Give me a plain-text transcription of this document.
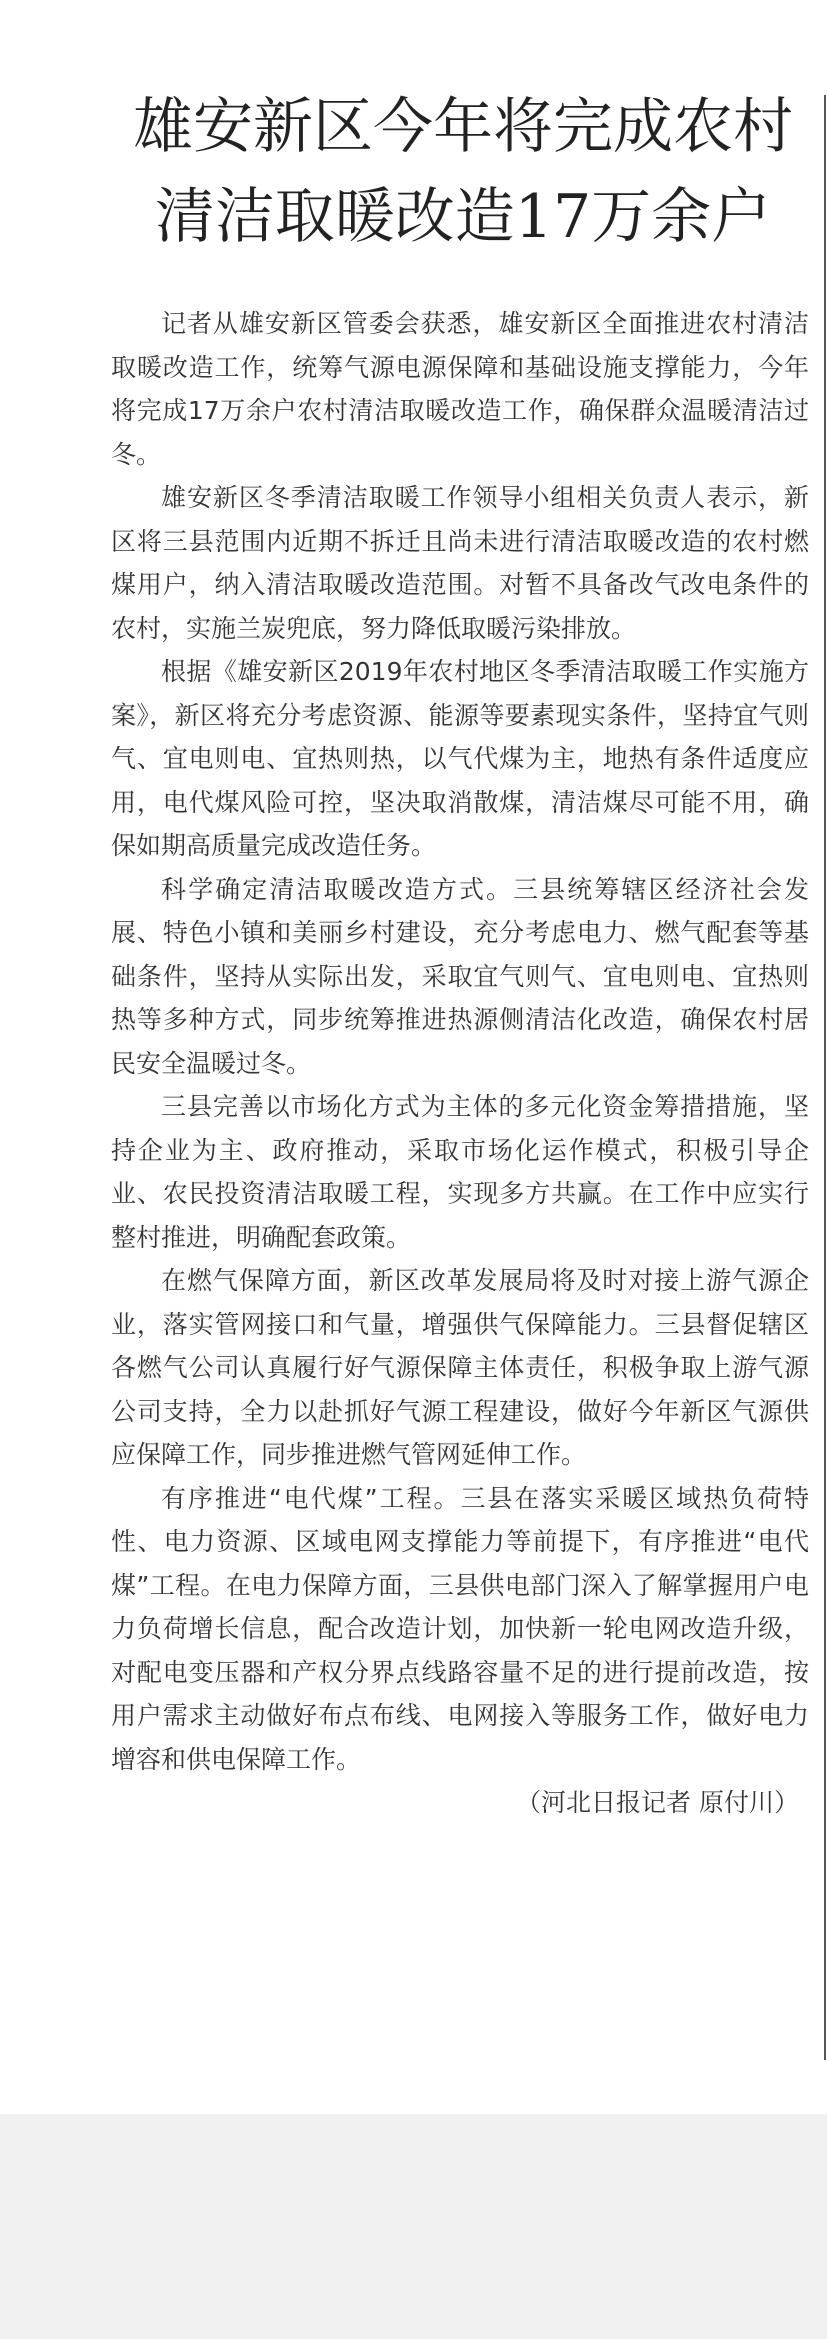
雄安新区今年将完成农村清洁取暖改造17万余户

记者从雄安新区管委会获悉，雄安新区全面推进农村清洁取暖改造工作，统筹气源电源保障和基础设施支撑能力，今年将完成17万余户农村清洁取暖改造工作，确保群众温暖清洁过冬。

雄安新区冬季清洁取暖工作领导小组相关负责人表示，新区将三县范围内近期不拆迁且尚未进行清洁取暖改造的农村燃煤用户，纳入清洁取暖改造范围。对暂不具备改气改电条件的农村，实施兰炭兜底，努力降低取暖污染排放。

根据《雄安新区2019年农村地区冬季清洁取暖工作实施方案》，新区将充分考虑资源、能源等要素现实条件，坚持宜气则气、宜电则电、宜热则热，以气代煤为主，地热有条件适度应用，电代煤风险可控，坚决取消散煤，清洁煤尽可能不用，确保如期高质量完成改造任务。

科学确定清洁取暖改造方式。三县统筹辖区经济社会发展、特色小镇和美丽乡村建设，充分考虑电力、燃气配套等基础条件，坚持从实际出发，采取宜气则气、宜电则电、宜热则热等多种方式，同步统筹推进热源侧清洁化改造，确保农村居民安全温暖过冬。

三县完善以市场化方式为主体的多元化资金筹措措施，坚持企业为主、政府推动，采取市场化运作模式，积极引导企业、农民投资清洁取暖工程，实现多方共赢。在工作中应实行整村推进，明确配套政策。

在燃气保障方面，新区改革发展局将及时对接上游气源企业，落实管网接口和气量，增强供气保障能力。三县督促辖区各燃气公司认真履行好气源保障主体责任，积极争取上游气源公司支持，全力以赴抓好气源工程建设，做好今年新区气源供应保障工作，同步推进燃气管网延伸工作。

有序推进“电代煤”工程。三县在落实采暖区域热负荷特性、电力资源、区域电网支撑能力等前提下，有序推进“电代煤”工程。在电力保障方面，三县供电部门深入了解掌握用户电力负荷增长信息，配合改造计划，加快新一轮电网改造升级，对配电变压器和产权分界点线路容量不足的进行提前改造，按用户需求主动做好布点布线、电网接入等服务工作，做好电力增容和供电保障工作。

（河北日报记者 原付川）
